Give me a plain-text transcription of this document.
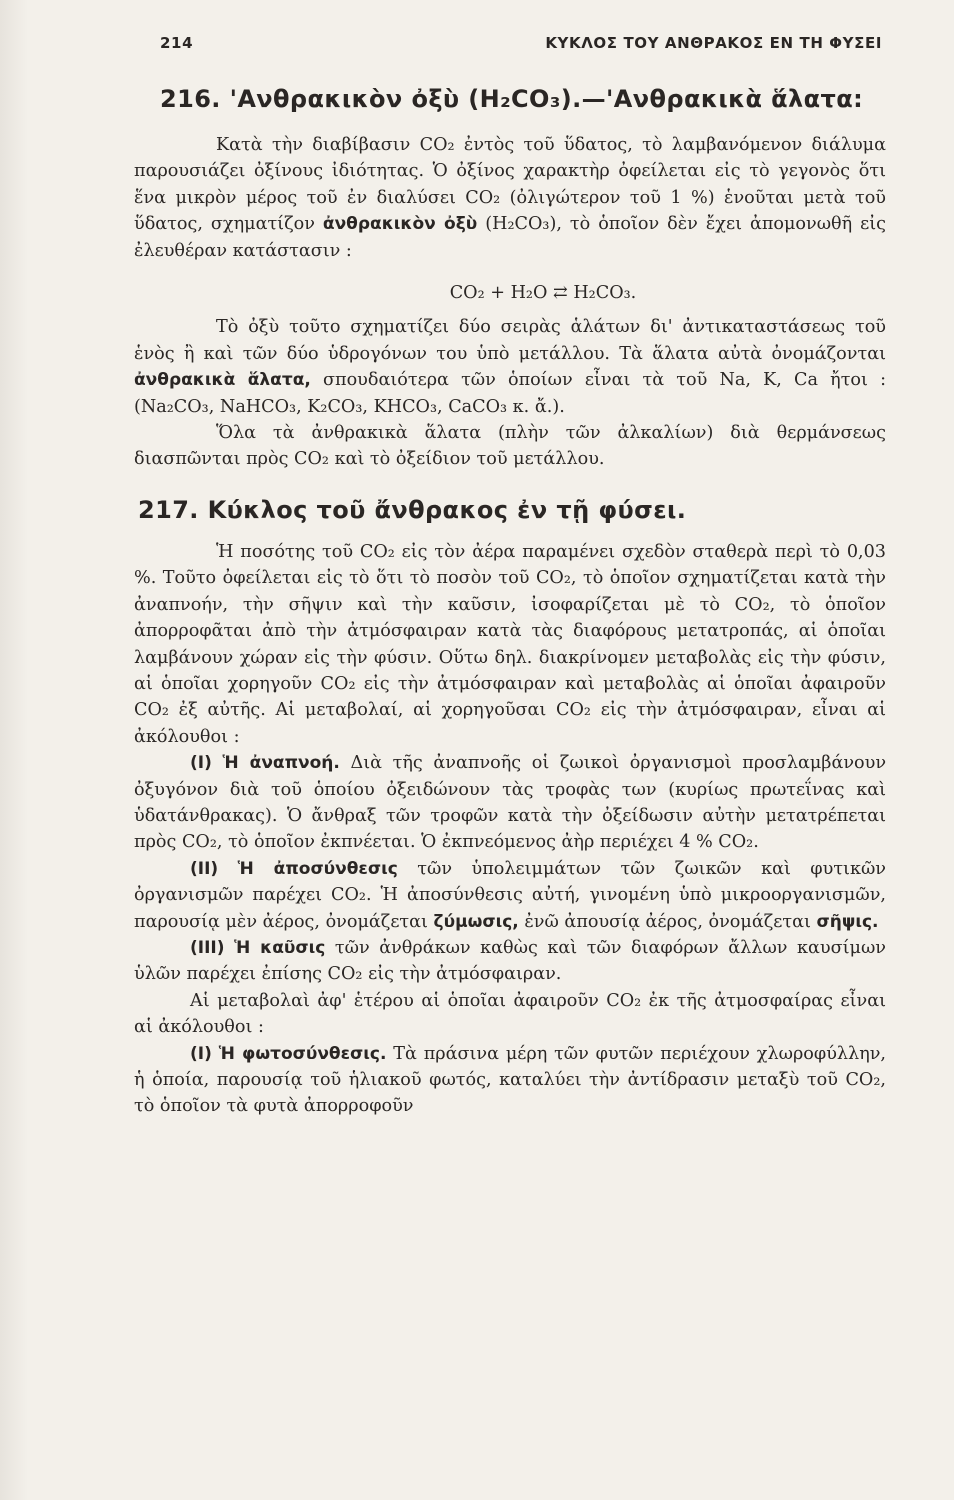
214	ΚΥΚΛΟΣ ΤΟΥ ΑΝΘΡΑΚΟΣ ΕΝ ΤΗ ΦΥΣΕΙ
216. 'Ανθρακικὸν ὀξὺ (H₂CO₃).—'Ανθρακικὰ ἅλατα:

Κατὰ τὴν διαβίβασιν CO₂ ἐντὸς τοῦ ὕδατος, τὸ λαμβανόμενον διάλυμα παρουσιάζει ὀξίνους ἰδιότητας. Ὁ ὀξίνος χαρακτὴρ ὀφείλεται εἰς τὸ γεγονὸς ὅτι ἕνα μικρὸν μέρος τοῦ ἐν διαλύσει CO₂ (ὀλιγώτερον τοῦ 1 %) ἑνοῦται μετὰ τοῦ ὕδατος, σχηματίζον ἀνθρακικὸν ὀξὺ (H₂CO₃), τὸ ὁποῖον δὲν ἔχει ἀπομονωθῆ εἰς ἐλευθέραν κατάστασιν :

CO₂ + H₂O ⇄ H₂CO₃.

Τὸ ὀξὺ τοῦτο σχηματίζει δύο σειρὰς ἁλάτων δι' ἀντικαταστάσεως τοῦ ἑνὸς ἢ καὶ τῶν δύο ὑδρογόνων του ὑπὸ μετάλλου. Τὰ ἅλατα αὐτὰ ὀνομάζονται ἀνθρακικὰ ἅλατα, σπουδαιότερα τῶν ὁποίων εἶναι τὰ τοῦ Na, K, Ca ἤτοι : (Na₂CO₃, NaHCO₃, K₂CO₃, KHCO₃, CaCO₃ κ. ἄ.).

Ὅλα τὰ ἀνθρακικὰ ἅλατα (πλὴν τῶν ἀλκαλίων) διὰ θερμάνσεως διασπῶνται πρὸς CO₂ καὶ τὸ ὀξείδιον τοῦ μετάλλου.

217. Κύκλος τοῦ ἄνθρακος ἐν τῇ φύσει.

Ἡ ποσότης τοῦ CO₂ εἰς τὸν ἀέρα παραμένει σχεδὸν σταθερὰ περὶ τὸ 0,03 %. Τοῦτο ὀφείλεται εἰς τὸ ὅτι τὸ ποσὸν τοῦ CO₂, τὸ ὁποῖον σχηματίζεται κατὰ τὴν ἀναπνοήν, τὴν σῆψιν καὶ τὴν καῦσιν, ἰσοφαρίζεται μὲ τὸ CO₂, τὸ ὁποῖον ἀπορροφᾶται ἀπὸ τὴν ἀτμόσφαιραν κατὰ τὰς διαφόρους μετατροπάς, αἱ ὁποῖαι λαμβάνουν χώραν εἰς τὴν φύσιν. Οὕτω δηλ. διακρίνομεν μεταβολὰς εἰς τὴν φύσιν, αἱ ὁποῖαι χορηγοῦν CO₂ εἰς τὴν ἀτμόσφαιραν καὶ μεταβολὰς αἱ ὁποῖαι ἀφαιροῦν CO₂ ἐξ αὐτῆς. Αἱ μεταβολαί, αἱ χορηγοῦσαι CO₂ εἰς τὴν ἀτμόσφαιραν, εἶναι αἱ ἀκόλουθοι :

(I) Ἡ ἀναπνοή. Διὰ τῆς ἀναπνοῆς οἱ ζωικοὶ ὀργανισμοὶ προσλαμβάνουν ὀξυγόνον διὰ τοῦ ὁποίου ὀξειδώνουν τὰς τροφὰς των (κυρίως πρωτεΐνας καὶ ὑδατάνθρακας). Ὁ ἄνθραξ τῶν τροφῶν κατὰ τὴν ὀξείδωσιν αὐτὴν μετατρέπεται πρὸς CO₂, τὸ ὁποῖον ἐκπνέεται. Ὁ ἐκπνεόμενος ἀὴρ περιέχει 4 % CO₂.

(II) Ἡ ἀποσύνθεσις τῶν ὑπολειμμάτων τῶν ζωικῶν καὶ φυτικῶν ὀργανισμῶν παρέχει CO₂. Ἡ ἀποσύνθεσις αὐτή, γινομένη ὑπὸ μικροοργανισμῶν, παρουσίᾳ μὲν ἀέρος, ὀνομάζεται ζύμωσις, ἐνῶ ἀπουσίᾳ ἀέρος, ὀνομάζεται σῆψις.

(III) Ἡ καῦσις τῶν ἀνθράκων καθὼς καὶ τῶν διαφόρων ἄλλων καυσίμων ὑλῶν παρέχει ἐπίσης CO₂ εἰς τὴν ἀτμόσφαιραν.

Αἱ μεταβολαὶ ἀφ' ἑτέρου αἱ ὁποῖαι ἀφαιροῦν CO₂ ἐκ τῆς ἀτμοσφαίρας εἶναι αἱ ἀκόλουθοι :

(I) Ἡ φωτοσύνθεσις. Τὰ πράσινα μέρη τῶν φυτῶν περιέχουν χλωροφύλλην, ἡ ὁποία, παρουσίᾳ τοῦ ἡλιακοῦ φωτός, καταλύει τὴν ἀντίδρασιν μεταξὺ τοῦ CO₂, τὸ ὁποῖον τὰ φυτὰ ἀπορροφοῦν
